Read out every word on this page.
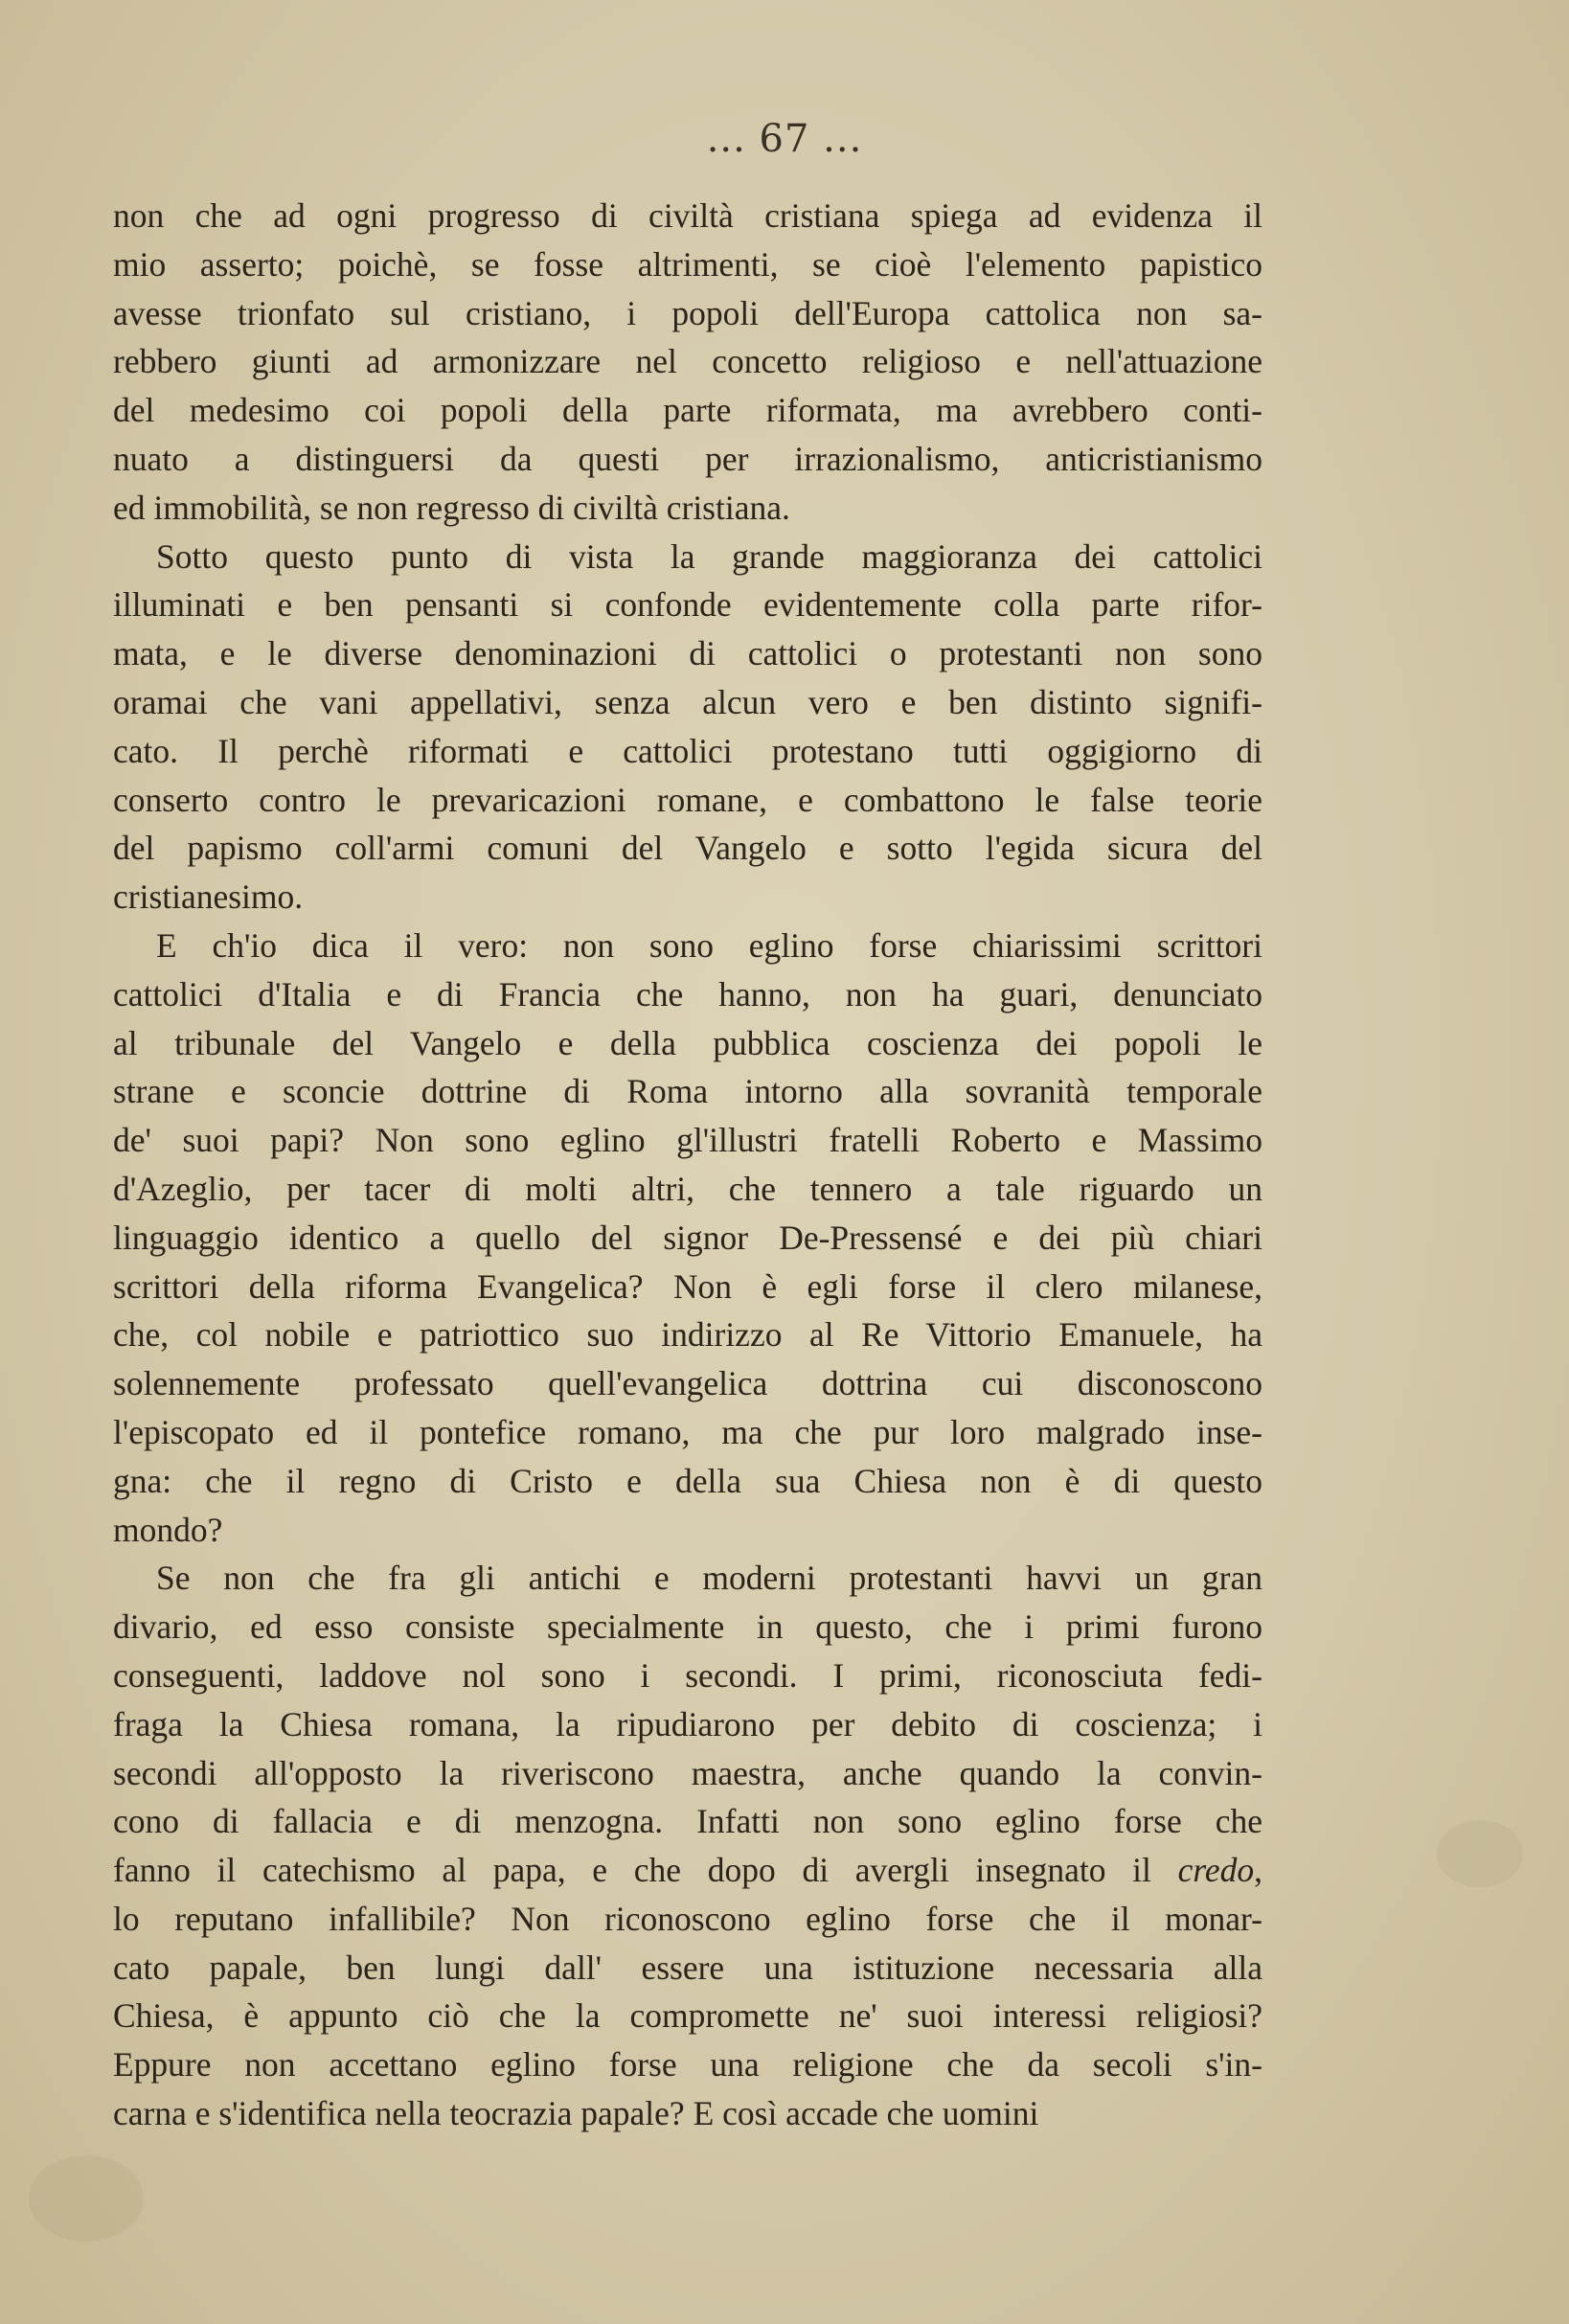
... 67 ...

non che ad ogni progresso di civiltà cristiana spiega ad evidenza il
mio asserto; poichè, se fosse altrimenti, se cioè l'elemento papistico
avesse trionfato sul cristiano, i popoli dell'Europa cattolica non sa-
rebbero giunti ad armonizzare nel concetto religioso e nell'attuazione
del medesimo coi popoli della parte riformata, ma avrebbero conti-
nuato a distinguersi da questi per irrazionalismo, anticristianismo
ed immobilità, se non regresso di civiltà cristiana.

Sotto questo punto di vista la grande maggioranza dei cattolici
illuminati e ben pensanti si confonde evidentemente colla parte rifor-
mata, e le diverse denominazioni di cattolici o protestanti non sono
oramai che vani appellativi, senza alcun vero e ben distinto signifi-
cato. Il perchè riformati e cattolici protestano tutti oggigiorno di
conserto contro le prevaricazioni romane, e combattono le false teorie
del papismo coll'armi comuni del Vangelo e sotto l'egida sicura del
cristianesimo.

E ch'io dica il vero: non sono eglino forse chiarissimi scrittori
cattolici d'Italia e di Francia che hanno, non ha guari, denunciato
al tribunale del Vangelo e della pubblica coscienza dei popoli le
strane e sconcie dottrine di Roma intorno alla sovranità temporale
de' suoi papi? Non sono eglino gl'illustri fratelli Roberto e Massimo
d'Azeglio, per tacer di molti altri, che tennero a tale riguardo un
linguaggio identico a quello del signor De-Pressensé e dei più chiari
scrittori della riforma Evangelica? Non è egli forse il clero milanese,
che, col nobile e patriottico suo indirizzo al Re Vittorio Emanuele, ha
solennemente professato quell'evangelica dottrina cui disconoscono
l'episcopato ed il pontefice romano, ma che pur loro malgrado inse-
gna: che il regno di Cristo e della sua Chiesa non è di questo
mondo?

Se non che fra gli antichi e moderni protestanti havvi un gran
divario, ed esso consiste specialmente in questo, che i primi furono
conseguenti, laddove nol sono i secondi. I primi, riconosciuta fedi-
fraga la Chiesa romana, la ripudiarono per debito di coscienza; i
secondi all'opposto la riveriscono maestra, anche quando la convin-
cono di fallacia e di menzogna. Infatti non sono eglino forse che
fanno il catechismo al papa, e che dopo di avergli insegnato il credo,
lo reputano infallibile? Non riconoscono eglino forse che il monar-
cato papale, ben lungi dall' essere una istituzione necessaria alla
Chiesa, è appunto ciò che la compromette ne' suoi interessi religiosi?
Eppure non accettano eglino forse una religione che da secoli s'in-
carna e s'identifica nella teocrazia papale? E così accade che uomini
